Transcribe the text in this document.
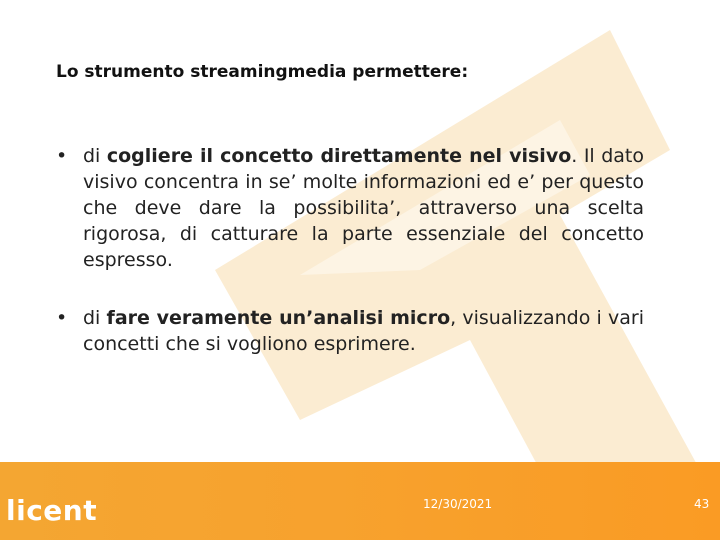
Lo strumento streamingmedia permettere:
• di cogliere il concetto direttamente nel visivo. Il dato visivo concentra in se’ molte informazioni ed e’ per questo che deve dare la possibilita’, attraverso una scelta rigorosa, di catturare la parte essenziale del concetto espresso.
• di fare veramente un’analisi micro, visualizzando i vari concetti che si vogliono esprimere.
licent	12/30/2021	43
